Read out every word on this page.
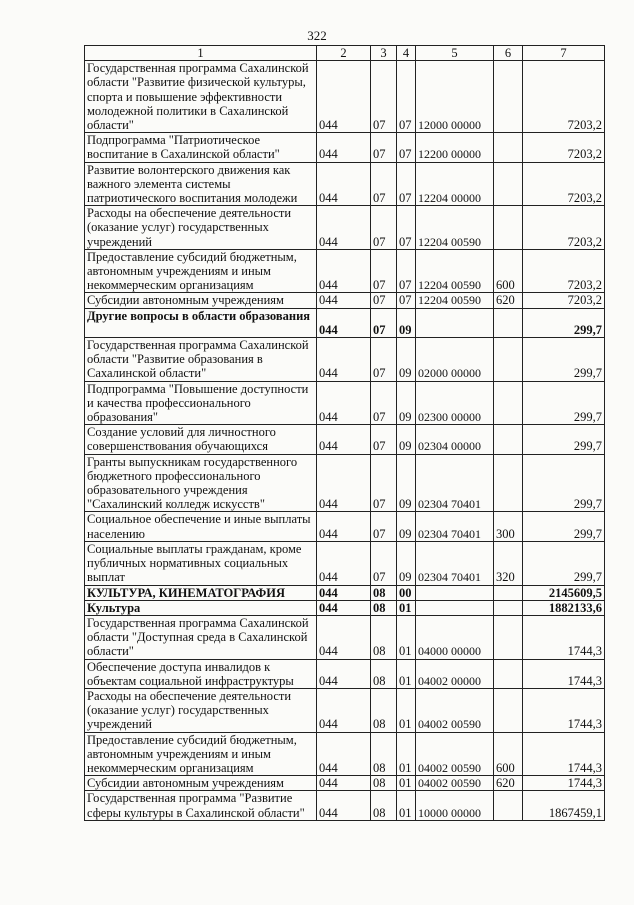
322
1	2	3	4	5	6	7
Государственная программа Сахалинской области "Развитие физической культуры, спорта и повышение эффективности молодежной политики в Сахалинской области"	044	07	07	12000 00000		7203,2
Подпрограмма "Патриотическое воспитание в Сахалинской области"	044	07	07	12200 00000		7203,2
Развитие волонтерского движения как важного элемента системы патриотического воспитания молодежи	044	07	07	12204 00000		7203,2
Расходы на обеспечение деятельности (оказание услуг) государственных учреждений	044	07	07	12204 00590		7203,2
Предоставление субсидий бюджетным, автономным учреждениям и иным некоммерческим организациям	044	07	07	12204 00590	600	7203,2
Субсидии автономным учреждениям	044	07	07	12204 00590	620	7203,2
Другие вопросы в области образования	044	07	09			299,7
Государственная программа Сахалинской области "Развитие образования в Сахалинской области"	044	07	09	02000 00000		299,7
Подпрограмма "Повышение доступности и качества профессионального образования"	044	07	09	02300 00000		299,7
Создание условий для личностного совершенствования обучающихся	044	07	09	02304 00000		299,7
Гранты выпускникам государственного бюджетного профессионального образовательного учреждения "Сахалинский колледж искусств"	044	07	09	02304 70401		299,7
Социальное обеспечение и иные выплаты населению	044	07	09	02304 70401	300	299,7
Социальные выплаты гражданам, кроме публичных нормативных социальных выплат	044	07	09	02304 70401	320	299,7
КУЛЬТУРА, КИНЕМАТОГРАФИЯ	044	08	00			2145609,5
Культура	044	08	01			1882133,6
Государственная программа Сахалинской области "Доступная среда в Сахалинской области"	044	08	01	04000 00000		1744,3
Обеспечение доступа инвалидов к объектам социальной инфраструктуры	044	08	01	04002 00000		1744,3
Расходы на обеспечение деятельности (оказание услуг) государственных учреждений	044	08	01	04002 00590		1744,3
Предоставление субсидий бюджетным, автономным учреждениям и иным некоммерческим организациям	044	08	01	04002 00590	600	1744,3
Субсидии автономным учреждениям	044	08	01	04002 00590	620	1744,3
Государственная программа "Развитие сферы культуры в Сахалинской области"	044	08	01	10000 00000		1867459,1
